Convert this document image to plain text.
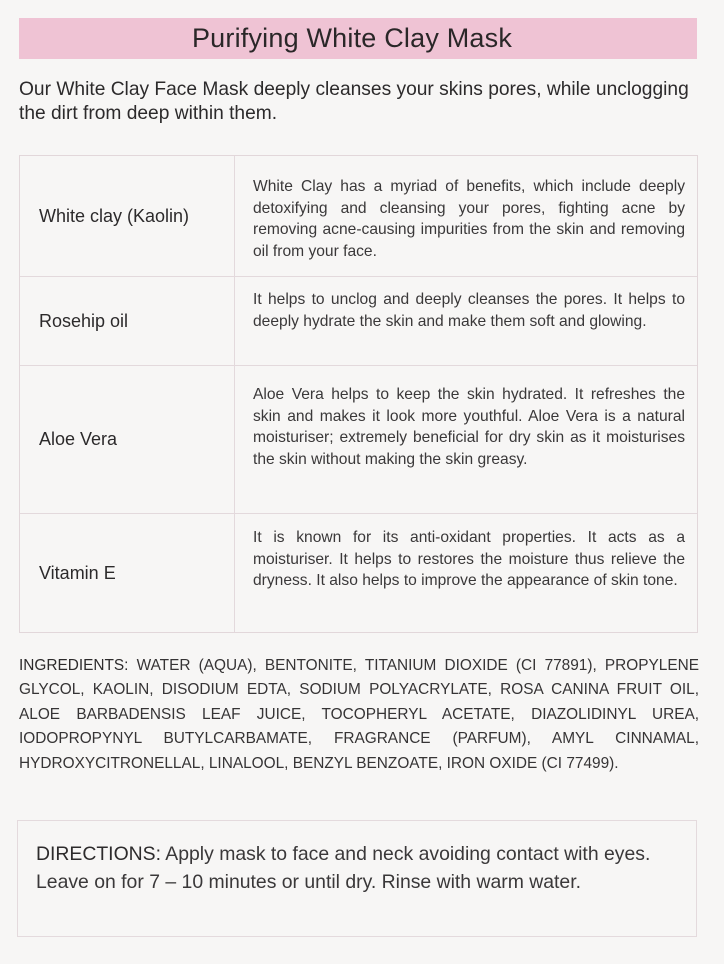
Purifying White Clay Mask
Our White Clay Face Mask deeply cleanses your skins pores, while unclogging the dirt from deep within them.
White clay (Kaolin)
White Clay has a myriad of benefits, which include deeply detoxifying and cleansing your pores, fighting acne by removing acne-causing impurities from the skin and removing oil from your face.
Rosehip oil
It helps to unclog and deeply cleanses the pores. It helps to deeply hydrate the skin and make them soft and glowing.
Aloe Vera
Aloe Vera helps to keep the skin hydrated. It refreshes the skin and makes it look more youthful. Aloe Vera is a natural moisturiser; extremely beneficial for dry skin as it moisturises the skin without making the skin greasy.
Vitamin E
It is known for its anti-oxidant properties. It acts as a moisturiser. It helps to restores the moisture thus relieve the dryness. It also helps to improve the appearance of skin tone.
INGREDIENTS: WATER (AQUA), BENTONITE, TITANIUM DIOXIDE (CI 77891), PROPYLENE GLYCOL, KAOLIN, DISODIUM EDTA, SODIUM POLYACRYLATE, ROSA CANINA FRUIT OIL, ALOE BARBADENSIS LEAF JUICE, TOCOPHERYL ACETATE, DIAZOLIDINYL UREA, IODOPROPYNYL BUTYLCARBAMATE, FRAGRANCE (PARFUM), AMYL CINNAMAL, HYDROXYCITRONELLAL, LINALOOL, BENZYL BENZOATE, IRON OXIDE (CI 77499).
DIRECTIONS: Apply mask to face and neck avoiding contact with eyes. Leave on for 7 – 10 minutes or until dry. Rinse with warm water.
